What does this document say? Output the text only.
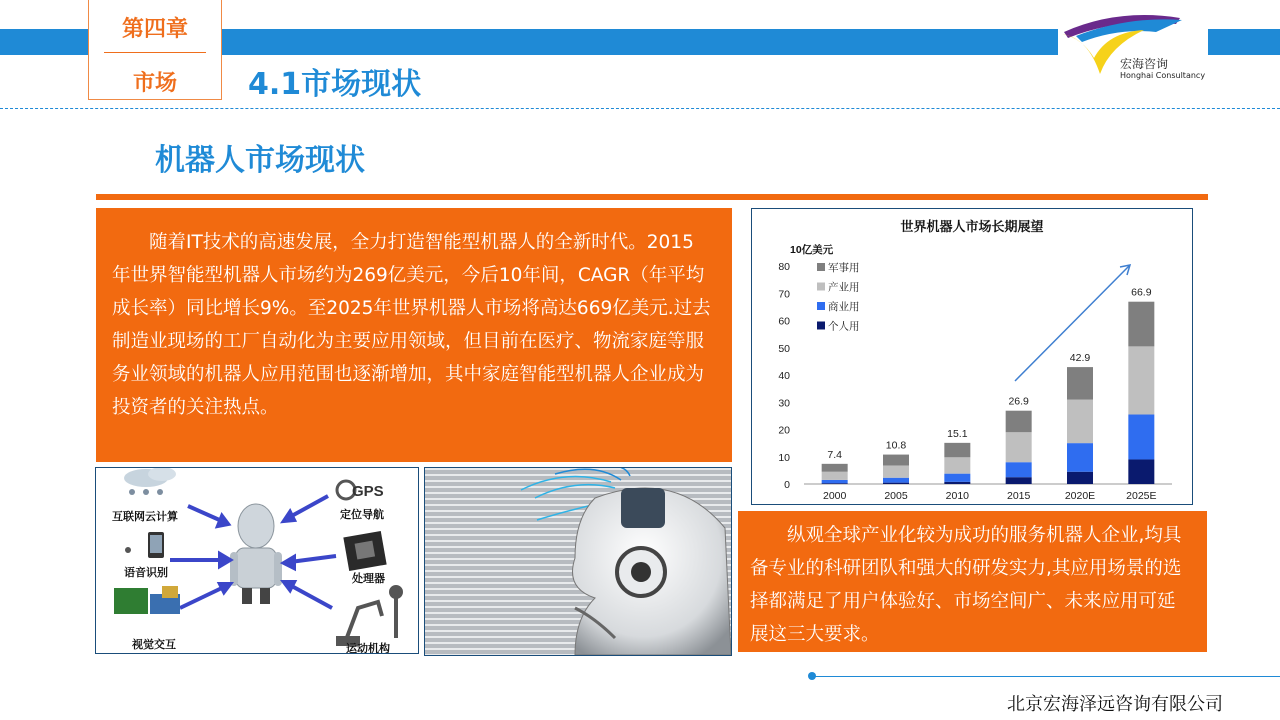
第四章
市场	4.1市场现状
宏海咨询
Honghai Consultancy
机器人市场现状
随着IT技术的高速发展，全力打造智能型机器人的全新时代。2015年世界智能型机器人市场约为269亿美元，今后10年间，CAGR（年平均成长率）同比增长9%。至2025年世界机器人市场将高达669亿美元.过去制造业现场的工厂自动化为主要应用领域，但目前在医疗、物流家庭等服务业领域的机器人应用范围也逐渐增加，其中家庭智能型机器人企业成为投资者的关注热点。
世界机器人市场长期展望
10亿美元
0
10
20
30
40
50
60
70
80
7.4
2000
10.8
2005
15.1
2010
26.9
2015
42.9
2020E
66.9
2025E
军事用
产业用
商业用
个人用
GPS
互联网云计算	定位导航
语音识别	处理器
视觉交互	运动机构
纵观全球产业化较为成功的服务机器人企业,均具备专业的科研团队和强大的研发实力,其应用场景的选择都满足了用户体验好、市场空间广、未来应用可延展这三大要求。
北京宏海泽远咨询有限公司
